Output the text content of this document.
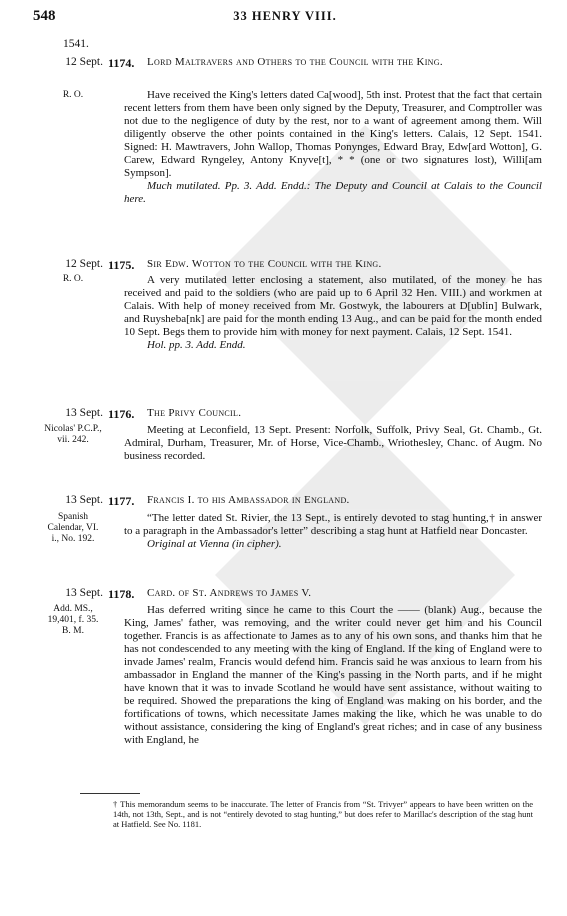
548	33 HENRY VIII.
1541.
12 Sept. 1174. Lord Maltravers and Others to the Council with the King.
R. O.	Have received the King's letters dated Ca[wood], 5th inst. Protest that the fact that certain recent letters from them have been only signed by the Deputy, Treasurer, and Comptroller was not due to the negligence of duty by the rest, nor to a want of agreement among them. Will diligently observe the other points contained in the King's letters. Calais, 12 Sept. 1541. Signed: H. Mawtravers, John Wallop, Thomas Ponynges, Edward Bray, Edw[ard Wotton], G. Carew, Edward Ryngeley, Antony Knyve[t], * * (one or two signatures lost), Willi[am Sympson].
Much mutilated. Pp. 3. Add. Endd.: The Deputy and Council at Calais to the Council here.
12 Sept. 1175. Sir Edw. Wotton to the Council with the King.
R. O.	A very mutilated letter enclosing a statement, also mutilated, of the money he has received and paid to the soldiers (who are paid up to 6 April 32 Hen. VIII.) and workmen at Calais. With help of money received from Mr. Gostwyk, the labourers at D[ublin] Bulwark, and Ruysheba[nk] are paid for the month ending 13 Aug., and can be paid for the month ended 10 Sept. Begs them to provide him with money for next payment. Calais, 12 Sept. 1541.
Hol. pp. 3. Add. Endd.
13 Sept. 1176. The Privy Council.
Nicolas' P.C.P., vii. 242.
Meeting at Leconfield, 13 Sept. Present: Norfolk, Suffolk, Privy Seal, Gt. Chamb., Gt. Admiral, Durham, Treasurer, Mr. of Horse, Vice-Chamb., Wriothesley, Chanc. of Augm. No business recorded.
13 Sept. 1177. Francis I. to his Ambassador in England.
Spanish Calendar, VI. i., No. 192.
“The letter dated St. Rivier, the 13 Sept., is entirely devoted to stag hunting,† in answer to a paragraph in the Ambassador's letter” describing a stag hunt at Hatfield near Doncaster.
Original at Vienna (in cipher).
13 Sept. 1178. Card. of St. Andrews to James V.
Add. MS., 19,401, f. 35. B. M.
Has deferred writing since he came to this Court the —— (blank) Aug., because the King, James' father, was removing, and the writer could never get him and his Council together. Francis is as affectionate to James as to any of his own sons, and thanks him that he has not condescended to any meeting with the king of England. If the king of England were to invade James' realm, Francis would defend him. Francis said he was anxious to learn from his ambassador in England the manner of the King's passing in the North parts, and if he might have known that it was to invade Scotland he would have sent assistance, without waiting to be required. Showed the preparations the king of England was making on his border, and the fortifications of towns, which necessitate James making the like, which he was unable to do without assistance, considering the king of England's great riches; and in case of any business with England, he
† This memorandum seems to be inaccurate. The letter of Francis from “St. Trivyer” appears to have been written on the 14th, not 13th, Sept., and is not “entirely devoted to stag hunting,” but does refer to Marillac's description of the stag hunt at Hatfield. See No. 1181.
